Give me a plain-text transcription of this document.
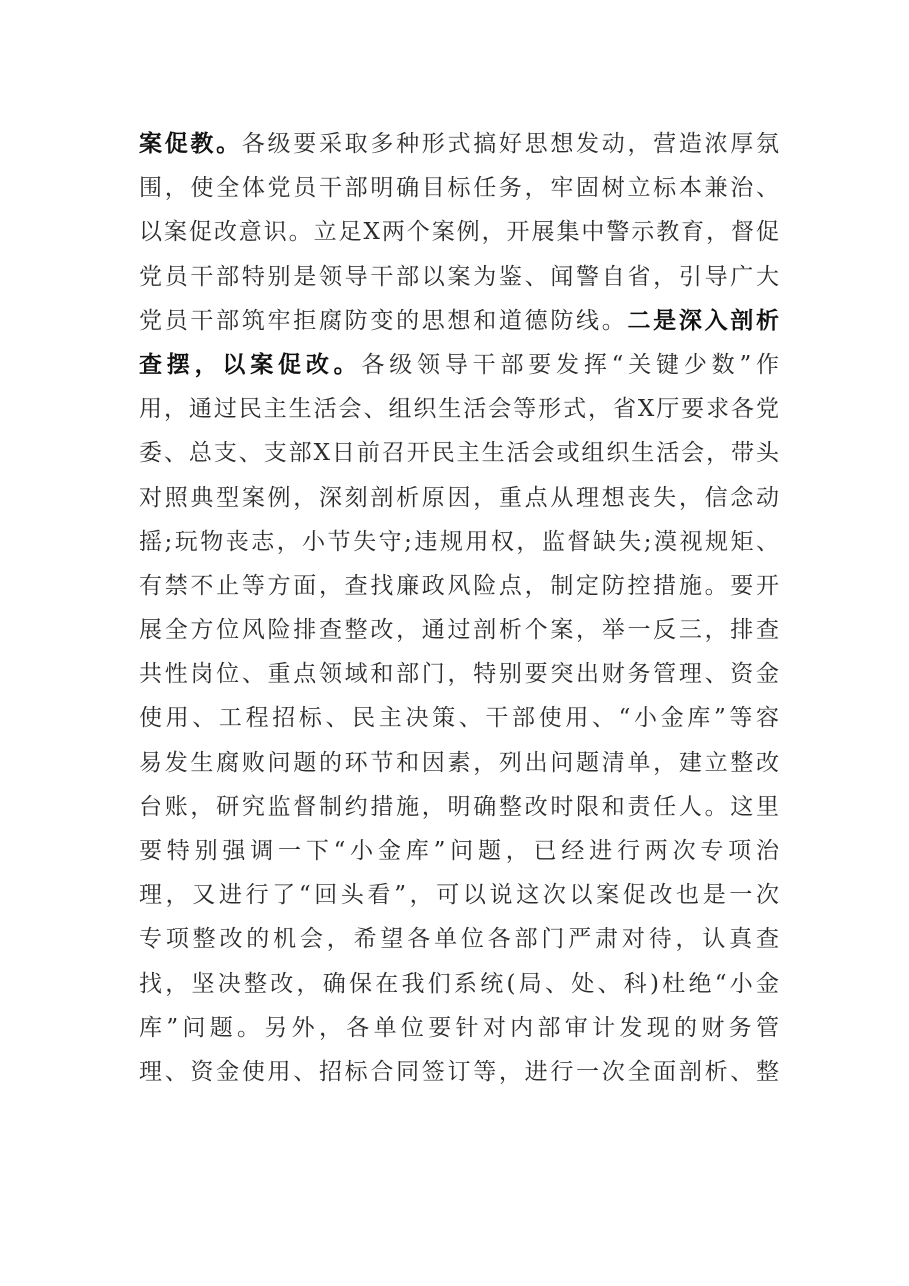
案促教。各级要采取多种形式搞好思想发动，营造浓厚氛
围，使全体党员干部明确目标任务，牢固树立标本兼治、
以案促改意识。立足X两个案例，开展集中警示教育，督促
党员干部特别是领导干部以案为鉴、闻警自省，引导广大
党员干部筑牢拒腐防变的思想和道德防线。二是深入剖析
查摆，以案促改。各级领导干部要发挥“关键少数”作
用，通过民主生活会、组织生活会等形式，省X厅要求各党
委、总支、支部X日前召开民主生活会或组织生活会，带头
对照典型案例，深刻剖析原因，重点从理想丧失，信念动
摇;玩物丧志，小节失守;违规用权，监督缺失;漠视规矩、
有禁不止等方面，查找廉政风险点，制定防控措施。要开
展全方位风险排查整改，通过剖析个案，举一反三，排查
共性岗位、重点领域和部门，特别要突出财务管理、资金
使用、工程招标、民主决策、干部使用、“小金库”等容
易发生腐败问题的环节和因素，列出问题清单，建立整改
台账，研究监督制约措施，明确整改时限和责任人。这里
要特别强调一下“小金库”问题，已经进行两次专项治
理，又进行了“回头看”，可以说这次以案促改也是一次
专项整改的机会，希望各单位各部门严肃对待，认真查
找，坚决整改，确保在我们系统(局、处、科)杜绝“小金
库”问题。另外，各单位要针对内部审计发现的财务管
理、资金使用、招标合同签订等，进行一次全面剖析、整
